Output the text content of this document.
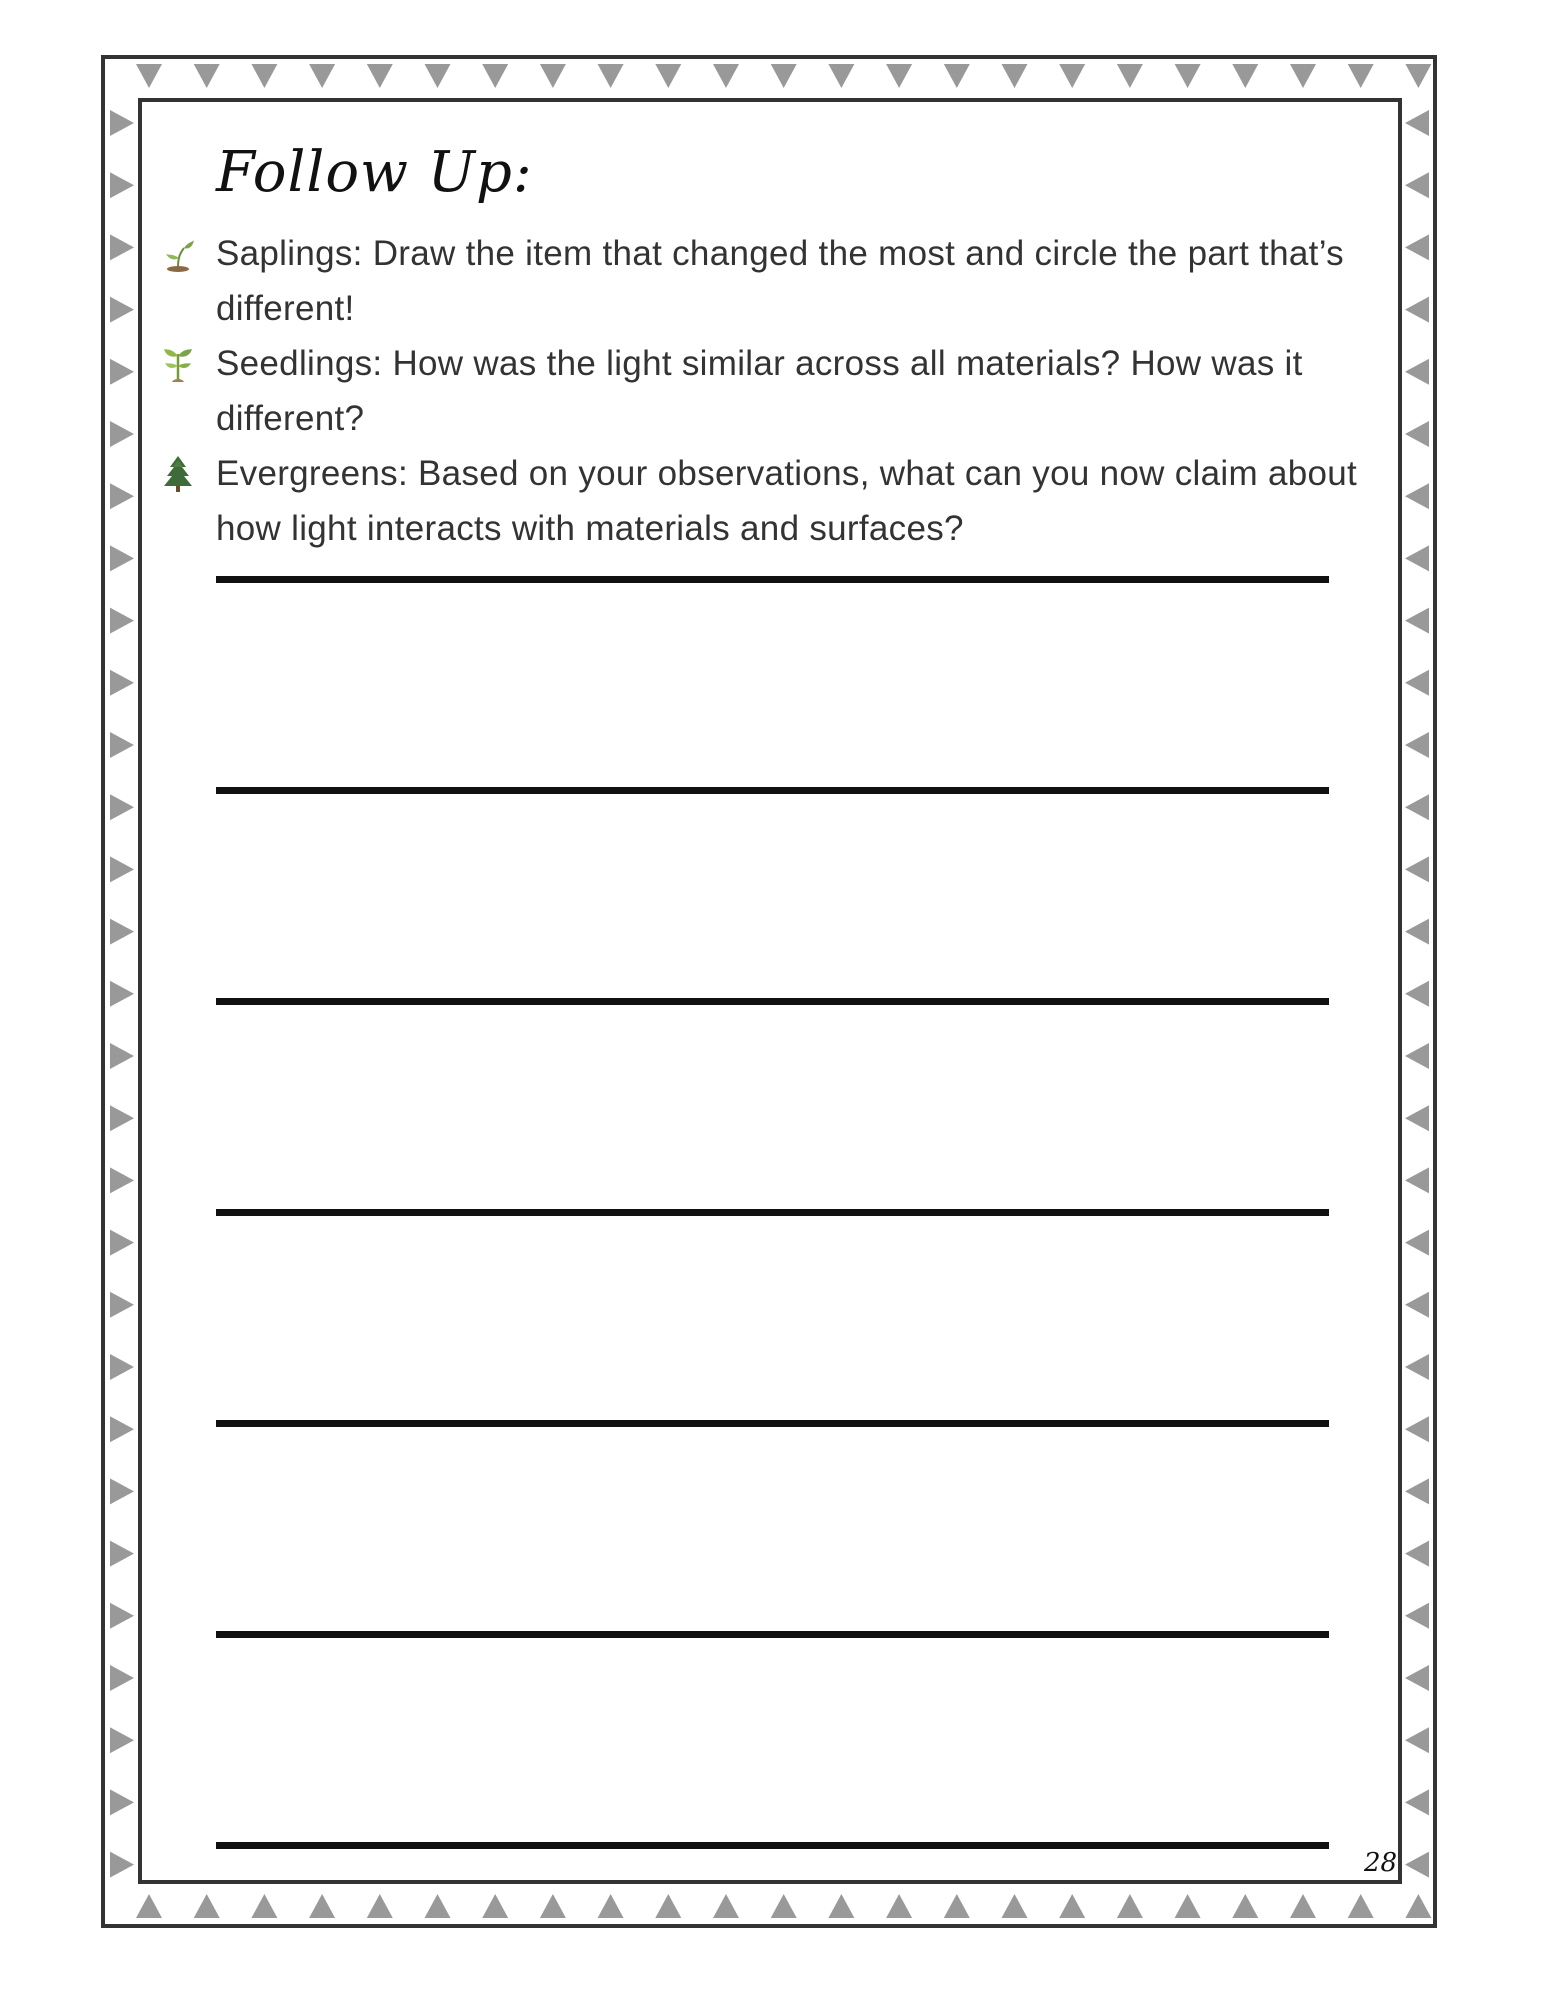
Follow Up:
Saplings: Draw the item that changed the most and circle the part that’s different!
Seedlings: How was the light similar across all materials? How was it different?
Evergreens: Based on your observations, what can you now claim about how light interacts with materials and surfaces?
28
